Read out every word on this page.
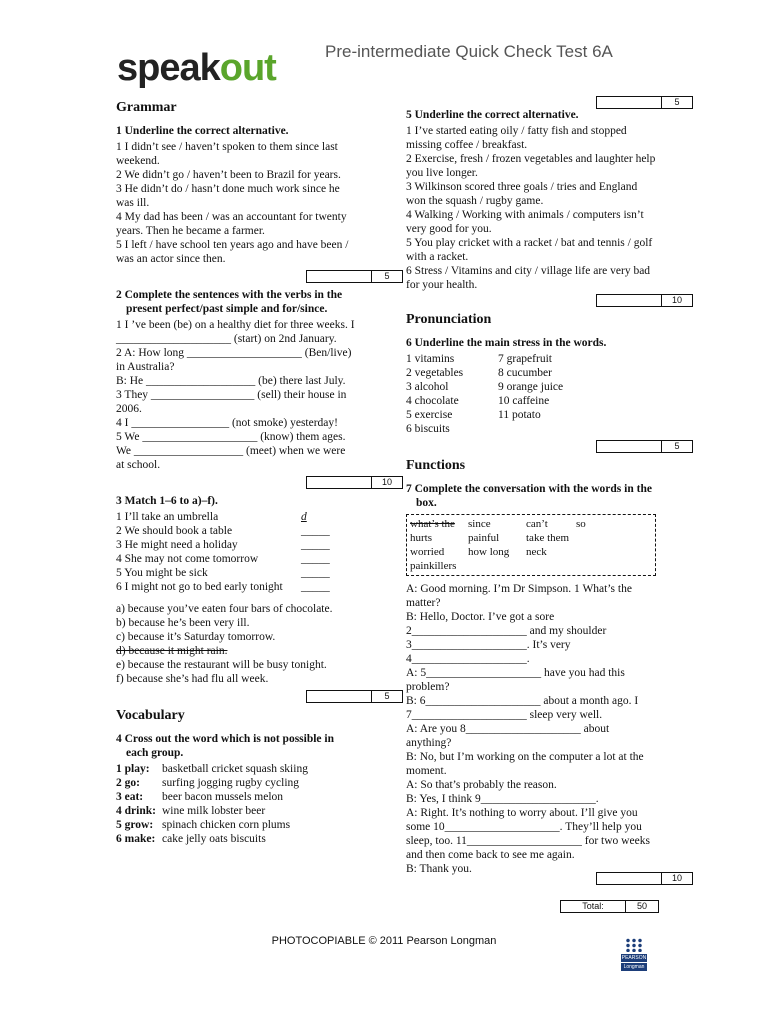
speakout	Pre-intermediate Quick Check Test 6A
Grammar

1 Underline the correct alternative.

1 I didn’t see / haven’t spoken to them since last weekend.

2 We didn’t go / haven’t been to Brazil for years.

3 He didn’t do / hasn’t done much work since he was ill.

4 My dad has been / was an accountant for twenty years. Then he became a farmer.

5 I left / have school ten years ago and have been / was an actor since then.

5

2 Complete the sentences with the verbs in the present perfect/past simple and for/since.

1 I ’ve been (be) on a healthy diet for three weeks. I ____________________ (start) on 2nd January.

2 A: How long ____________________ (Ben/live) in Australia?

B: He ___________________ (be) there last July.

3 They __________________ (sell) their house in 2006.

4 I _________________ (not smoke) yesterday!

5 We ____________________ (know) them ages. We ___________________ (meet) when we were at school.

10

3 Match 1–6 to a)–f).

1 I’ll take an umbrella	d
2 We should book a table	_____
3 He might need a holiday	_____
4 She may not come tomorrow	_____
5 You might be sick	_____
6 I might not go to bed early tonight	_____

a) because you’ve eaten four bars of chocolate.

b) because he’s been very ill.

c) because it’s Saturday tomorrow.

d) because it might rain.

e) because the restaurant will be busy tonight.

f) because she’s had flu all week.

5
Vocabulary

4 Cross out the word which is not possible in each group.

1 play:	basketball cricket squash skiing
2 go:	surfing jogging rugby cycling
3 eat:	beer bacon mussels melon
4 drink: wine milk lobster beer
5 grow: spinach chicken corn plums
6 make: cake jelly oats biscuits
5

5 Underline the correct alternative.

1 I’ve started eating oily / fatty fish and stopped missing coffee / breakfast.

2 Exercise, fresh / frozen vegetables and laughter help you live longer.

3 Wilkinson scored three goals / tries and England won the squash / rugby game.

4 Walking / Working with animals / computers isn’t very good for you.

5 You play cricket with a racket / bat and tennis / golf with a racket.

6 Stress / Vitamins and city / village life are very bad for your health.

10
Pronunciation

6 Underline the main stress in the words.

1 vitamins	7 grapefruit
2 vegetables	8 cucumber
3 alcohol	9 orange juice
4 chocolate	10 caffeine
5 exercise	11 potato
6 biscuits
5
Functions

7 Complete the conversation with the words in the box.

what’s the	since	can’t	so
hurts	painful	take them
worried	how long	neck
painkillers

A: Good morning. I’m Dr Simpson. 1 What’s the matter?

B: Hello, Doctor. I’ve got a sore 2____________________ and my shoulder 3____________________. It’s very 4____________________.

A: 5____________________ have you had this problem?

B: 6____________________ about a month ago. I 7____________________ sleep very well.

A: Are you 8____________________ about anything?

B: No, but I’m working on the computer a lot at the moment.

A: So that’s probably the reason.

B: Yes, I think 9____________________.

A: Right. It’s nothing to worry about. I’ll give you some 10____________________. They’ll help you sleep, too. 11____________________ for two weeks and then come back to see me again.

B: Thank you.

10
Total:	50
PHOTOCOPIABLE © 2011 Pearson Longman
PEARSON
Longman
